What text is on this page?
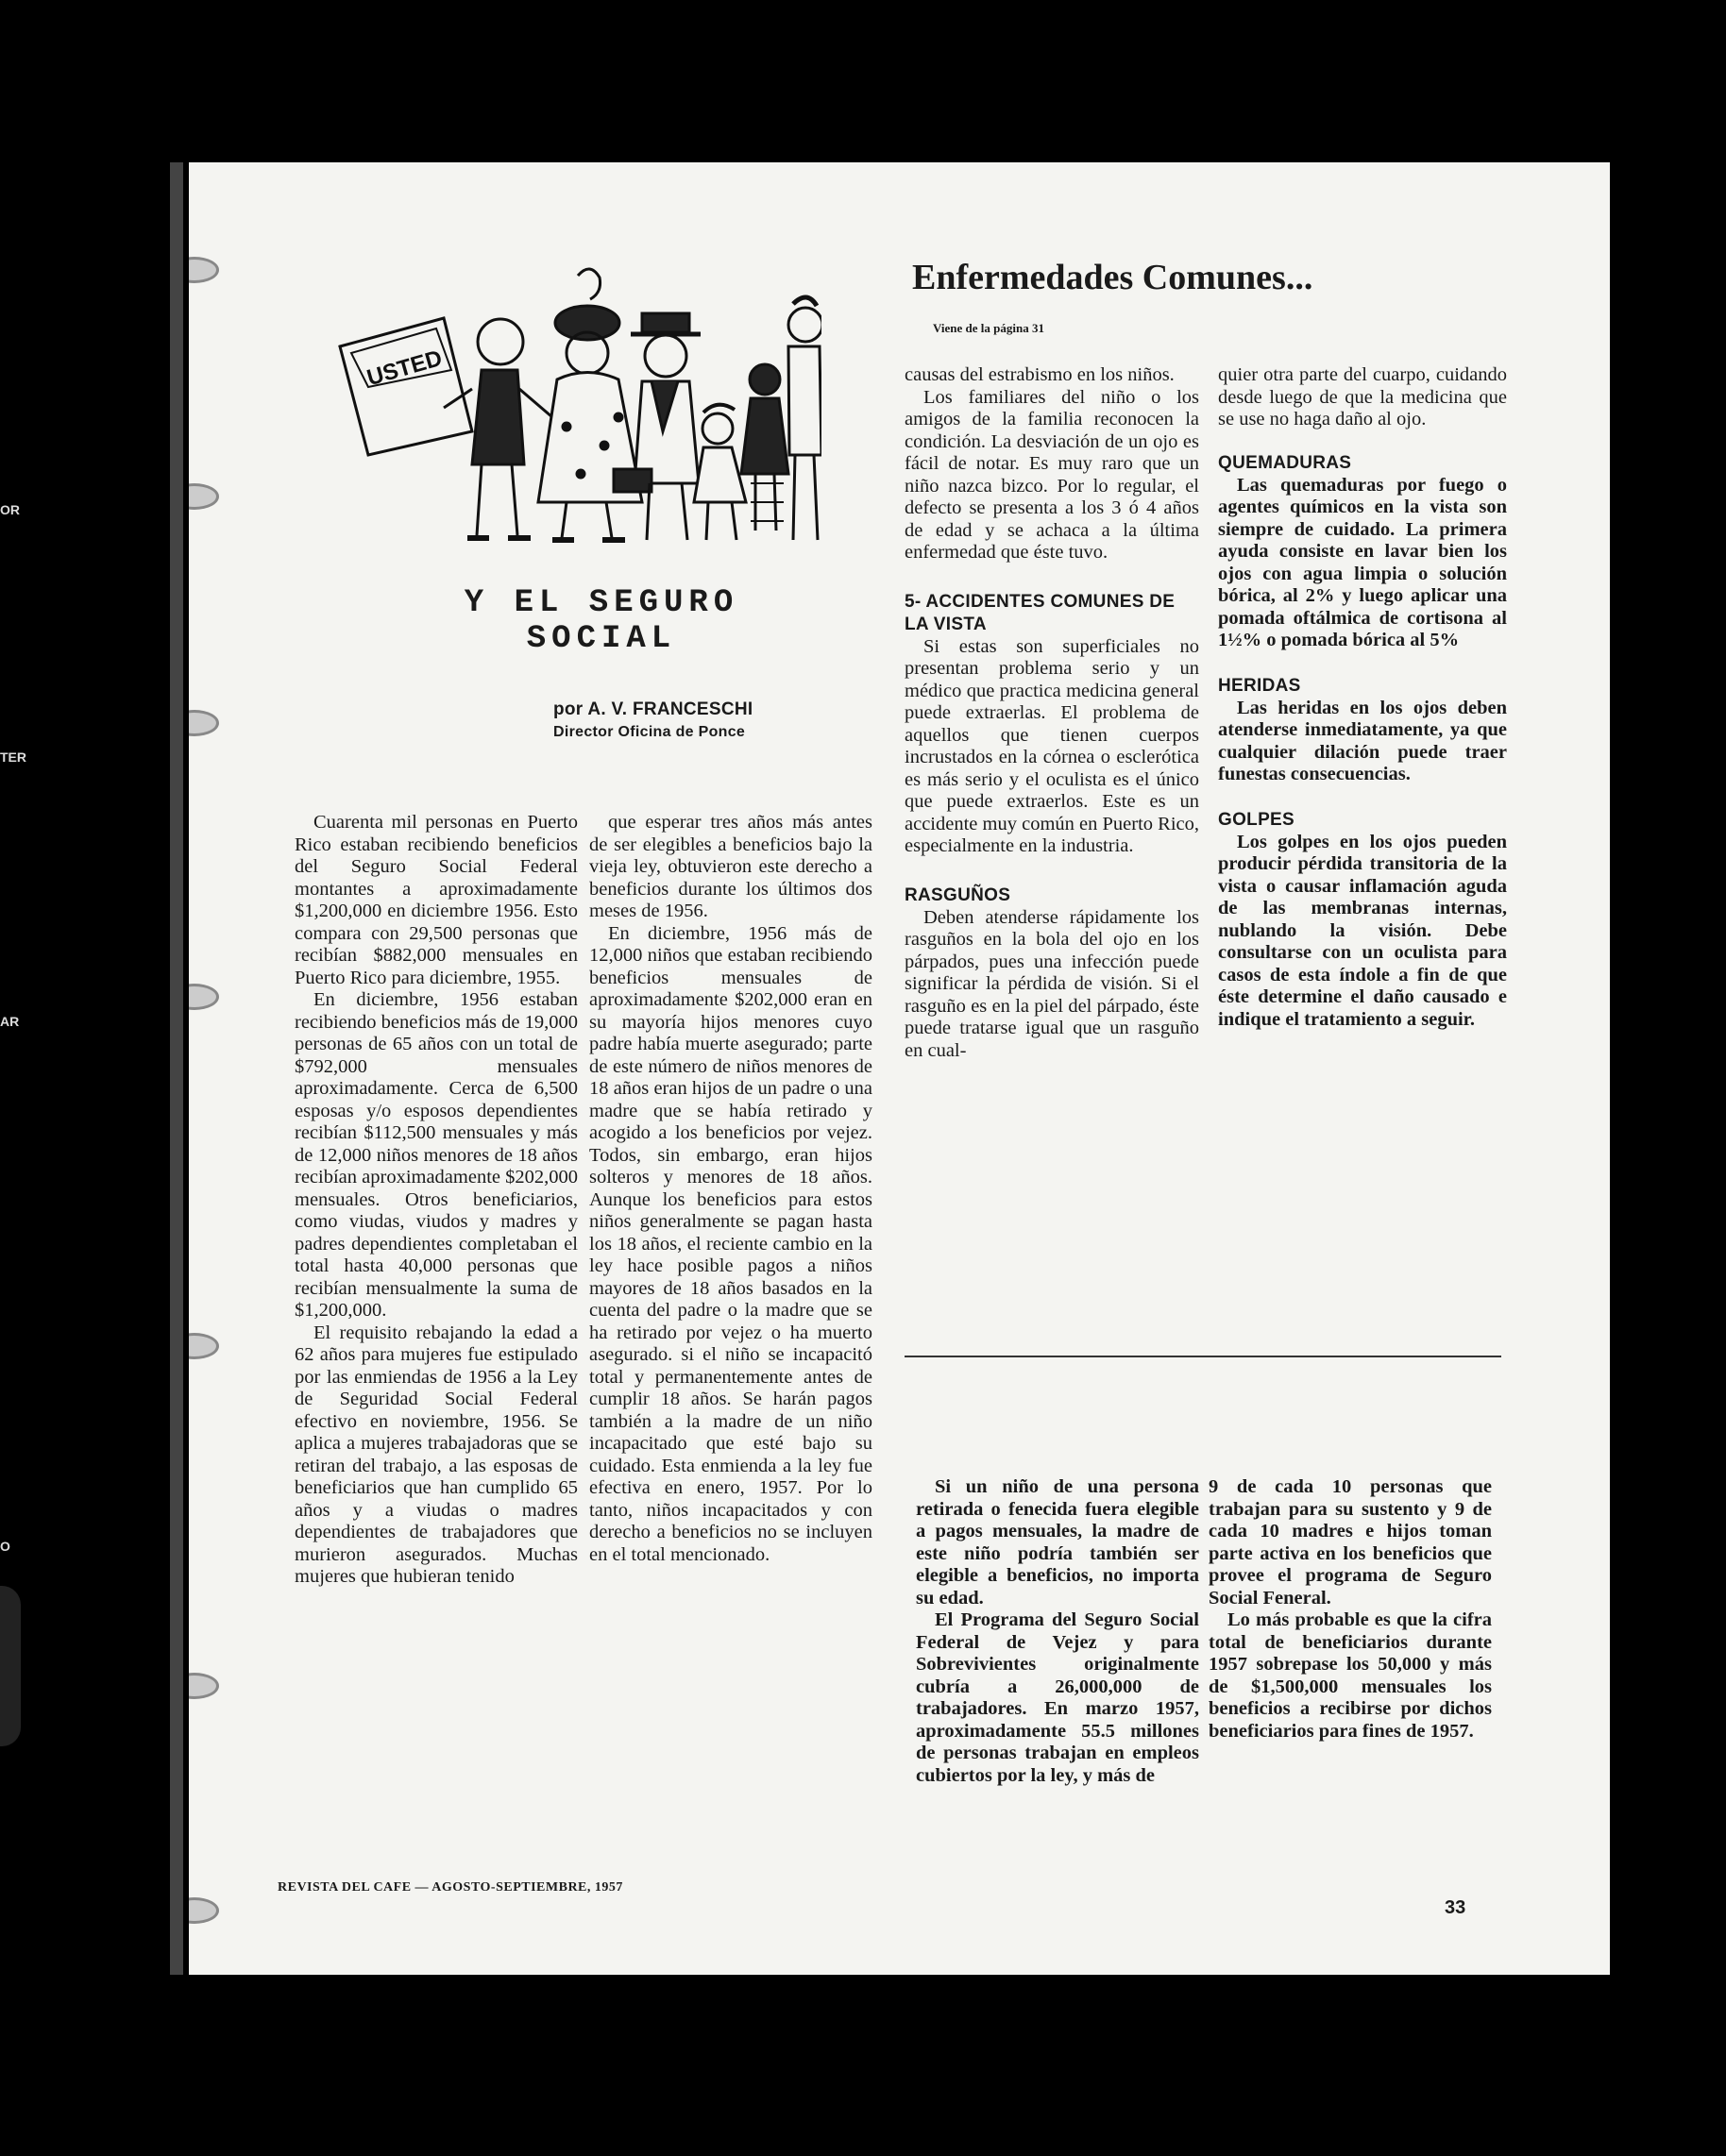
OR
TER
AR
O
USTED
Y EL SEGURO SOCIAL
por A. V. FRANCESCHI
Director Oficina de Ponce

Cuarenta mil personas en Puerto Rico estaban recibiendo beneficios del Seguro Social Federal montantes a aproximadamente $1,200,000 en diciembre 1956. Esto compara con 29,500 personas que recibían $882,000 mensuales en Puerto Rico para diciembre, 1955.

En diciembre, 1956 estaban recibiendo beneficios más de 19,000 personas de 65 años con un total de $792,000 mensuales aproximadamente. Cerca de 6,500 esposas y/o esposos dependientes recibían $112,500 mensuales y más de 12,000 niños menores de 18 años recibían aproximadamente $202,000 mensuales. Otros beneficiarios, como viudas, viudos y madres y padres dependientes completaban el total hasta 40,000 personas que recibían mensualmente la suma de $1,200,000.

El requisito rebajando la edad a 62 años para mujeres fue estipulado por las enmiendas de 1956 a la Ley de Seguridad Social Federal efectivo en noviembre, 1956. Se aplica a mujeres trabajadoras que se retiran del trabajo, a las esposas de beneficiarios que han cumplido 65 años y a viudas o madres dependientes de trabajadores que murieron asegurados. Muchas mujeres que hubieran tenido

que esperar tres años más antes de ser elegibles a beneficios bajo la vieja ley, obtuvieron este derecho a beneficios durante los últimos dos meses de 1956.

En diciembre, 1956 más de 12,000 niños que estaban recibiendo beneficios mensuales de aproximadamente $202,000 eran en su mayoría hijos menores cuyo padre había muerte asegurado; parte de este número de niños menores de 18 años eran hijos de un padre o una madre que se había retirado y acogido a los beneficios por vejez. Todos, sin embargo, eran hijos solteros y menores de 18 años. Aunque los beneficios para estos niños generalmente se pagan hasta los 18 años, el reciente cambio en la ley hace posible pagos a niños mayores de 18 años basados en la cuenta del padre o la madre que se ha retirado por vejez o ha muerto asegurado. si el niño se incapacitó total y permanentemente antes de cumplir 18 años. Se harán pagos también a la madre de un niño incapacitado que esté bajo su cuidado. Esta enmienda a la ley fue efectiva en enero, 1957. Por lo tanto, niños incapacitados y con derecho a beneficios no se incluyen en el total mencionado.

Enfermedades Comunes...
Viene de la página 31

causas del estrabismo en los niños.

Los familiares del niño o los amigos de la familia reconocen la condición. La desviación de un ojo es fácil de notar. Es muy raro que un niño nazca bizco. Por lo regular, el defecto se presenta a los 3 ó 4 años de edad y se achaca a la última enfermedad que éste tuvo.

5- ACCIDENTES COMUNES DE LA VISTA

Si estas son superficiales no presentan problema serio y un médico que practica medicina general puede extraerlas. El problema de aquellos que tienen cuerpos incrustados en la córnea o esclerótica es más serio y el oculista es el único que puede extraerlos. Este es un accidente muy común en Puerto Rico, especialmente en la industria.

RASGUÑOS

Deben atenderse rápidamente los rasguños en la bola del ojo en los párpados, pues una infección puede significar la pérdida de visión. Si el rasguño es en la piel del párpado, éste puede tratarse igual que un rasguño en cual-

quier otra parte del cuarpo, cuidando desde luego de que la medicina que se use no haga daño al ojo.

QUEMADURAS

Las quemaduras por fuego o agentes químicos en la vista son siempre de cuidado. La primera ayuda consiste en lavar bien los ojos con agua limpia o solución bórica, al 2% y luego aplicar una pomada oftálmica de cortisona al 1½% o pomada bórica al 5%

HERIDAS

Las heridas en los ojos deben atenderse inmediatamente, ya que cualquier dilación puede traer funestas consecuencias.

GOLPES

Los golpes en los ojos pueden producir pérdida transitoria de la vista o causar inflamación aguda de las membranas internas, nublando la visión. Debe consultarse con un oculista para casos de esta índole a fin de que éste determine el daño causado e indique el tratamiento a seguir.

Si un niño de una persona retirada o fenecida fuera elegible a pagos mensuales, la madre de este niño podría también ser elegible a beneficios, no importa su edad.

El Programa del Seguro Social Federal de Vejez y para Sobrevivientes originalmente cubría a 26,000,000 de trabajadores. En marzo 1957, aproximadamente 55.5 millones de personas trabajan en empleos cubiertos por la ley, y más de

9 de cada 10 personas que trabajan para su sustento y 9 de cada 10 madres e hijos toman parte activa en los beneficios que provee el programa de Seguro Social Feneral.

Lo más probable es que la cifra total de beneficiarios durante 1957 sobrepase los 50,000 y más de $1,500,000 mensuales los beneficios a recibirse por dichos beneficiarios para fines de 1957.

REVISTA DEL CAFE — AGOSTO-SEPTIEMBRE, 1957
33
